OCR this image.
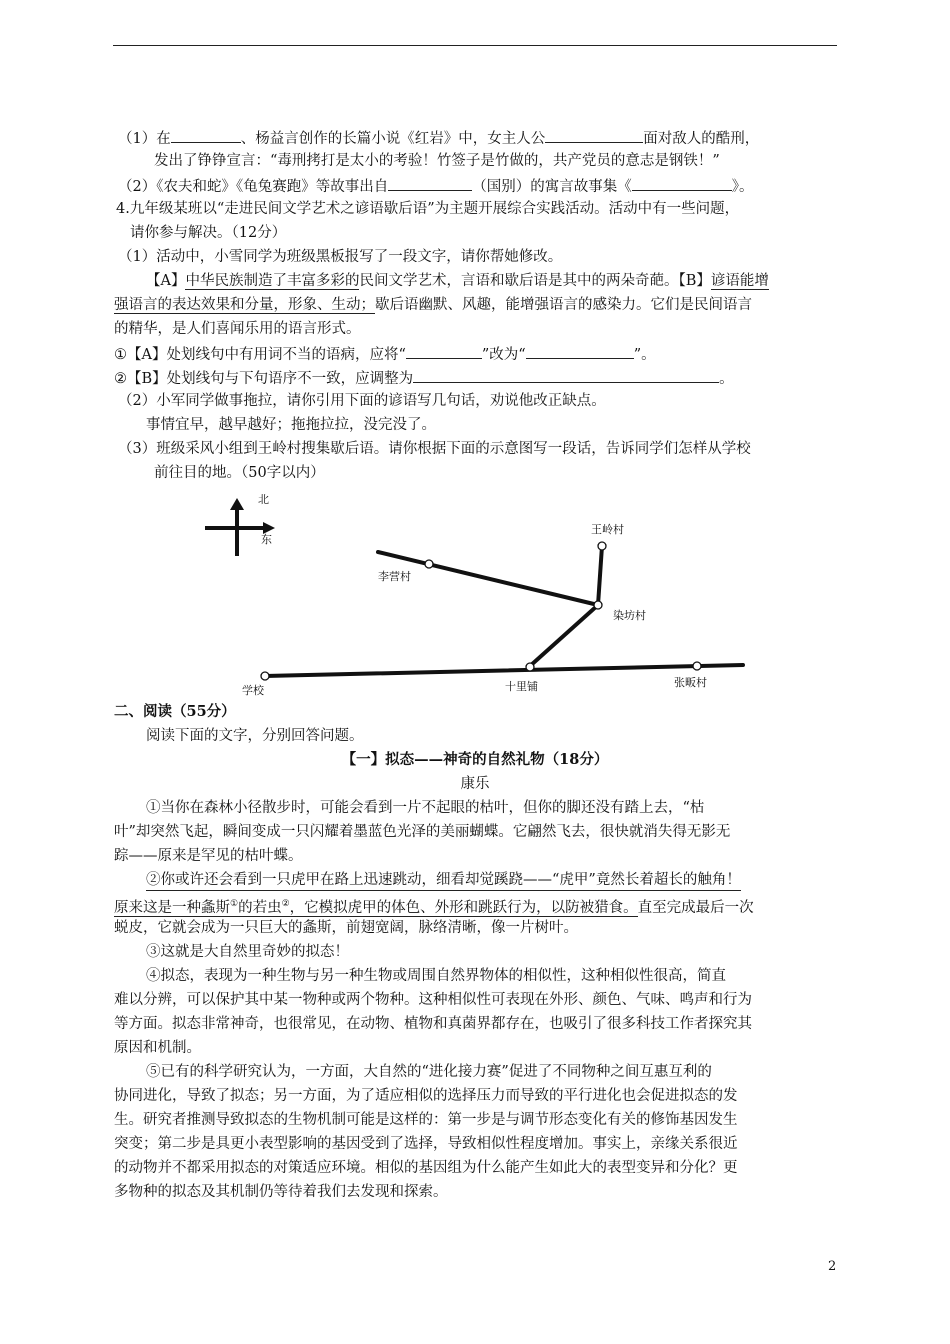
（1）在	、杨益言创作的长篇小说《红岩》中，女主人公	面对敌人的酷刑，
发出了铮铮宣言：“毒刑拷打是太小的考验！竹签子是竹做的，共产党员的意志是钢铁！”
（2）《农夫和蛇》《龟兔赛跑》等故事出自	（国别）的寓言故事集《	》。
4.九年级某班以“走进民间文学艺术之谚语歇后语”为主题开展综合实践活动。活动中有一些问题，
请你参与解决。（12分）
（1）活动中，小雪同学为班级黑板报写了一段文字，请你帮她修改。
【A】中华民族制造了丰富多彩的民间文学艺术，言语和歇后语是其中的两朵奇葩。【B】谚语能增
强语言的表达效果和分量，形象、生动；歇后语幽默、风趣，能增强语言的感染力。它们是民间语言
的精华，是人们喜闻乐用的语言形式。
①【A】处划线句中有用词不当的语病，应将“	”改为“	”。
②【B】处划线句与下句语序不一致，应调整为	。
（2）小军同学做事拖拉，请你引用下面的谚语写几句话，劝说他改正缺点。
事情宜早，越早越好；拖拖拉拉，没完没了。
（3）班级采风小组到王岭村搜集歇后语。请你根据下面的示意图写一段话，告诉同学们怎样从学校
前往目的地。（50字以内）
北
东
王岭村
李营村
染坊村
学校	十里铺	张畈村
二、阅读（55分）
阅读下面的文字，分别回答问题。
【一】拟态——神奇的自然礼物（18分）
康乐
①当你在森林小径散步时，可能会看到一片不起眼的枯叶，但你的脚还没有踏上去，“枯
叶”却突然飞起，瞬间变成一只闪耀着墨蓝色光泽的美丽蝴蝶。它翩然飞去，很快就消失得无影无
踪——原来是罕见的枯叶蝶。
②你或许还会看到一只虎甲在路上迅速跳动，细看却觉蹊跷——“虎甲”竟然长着超长的触角！
原来这是一种螽斯①的若虫②，它模拟虎甲的体色、外形和跳跃行为，以防被猎食。直至完成最后一次
蜕皮，它就会成为一只巨大的螽斯，前翅宽阔，脉络清晰，像一片树叶。
③这就是大自然里奇妙的拟态！
④拟态，表现为一种生物与另一种生物或周围自然界物体的相似性，这种相似性很高，简直
难以分辨，可以保护其中某一物种或两个物种。这种相似性可表现在外形、颜色、气味、鸣声和行为
等方面。拟态非常神奇，也很常见，在动物、植物和真菌界都存在，也吸引了很多科技工作者探究其
原因和机制。
⑤已有的科学研究认为，一方面，大自然的“进化接力赛”促进了不同物种之间互惠互利的
协同进化，导致了拟态；另一方面，为了适应相似的选择压力而导致的平行进化也会促进拟态的发
生。研究者推测导致拟态的生物机制可能是这样的：第一步是与调节形态变化有关的修饰基因发生
突变；第二步是具更小表型影响的基因受到了选择，导致相似性程度增加。事实上，亲缘关系很近
的动物并不都采用拟态的对策适应环境。相似的基因组为什么能产生如此大的表型变异和分化？更
多物种的拟态及其机制仍等待着我们去发现和探索。
2
